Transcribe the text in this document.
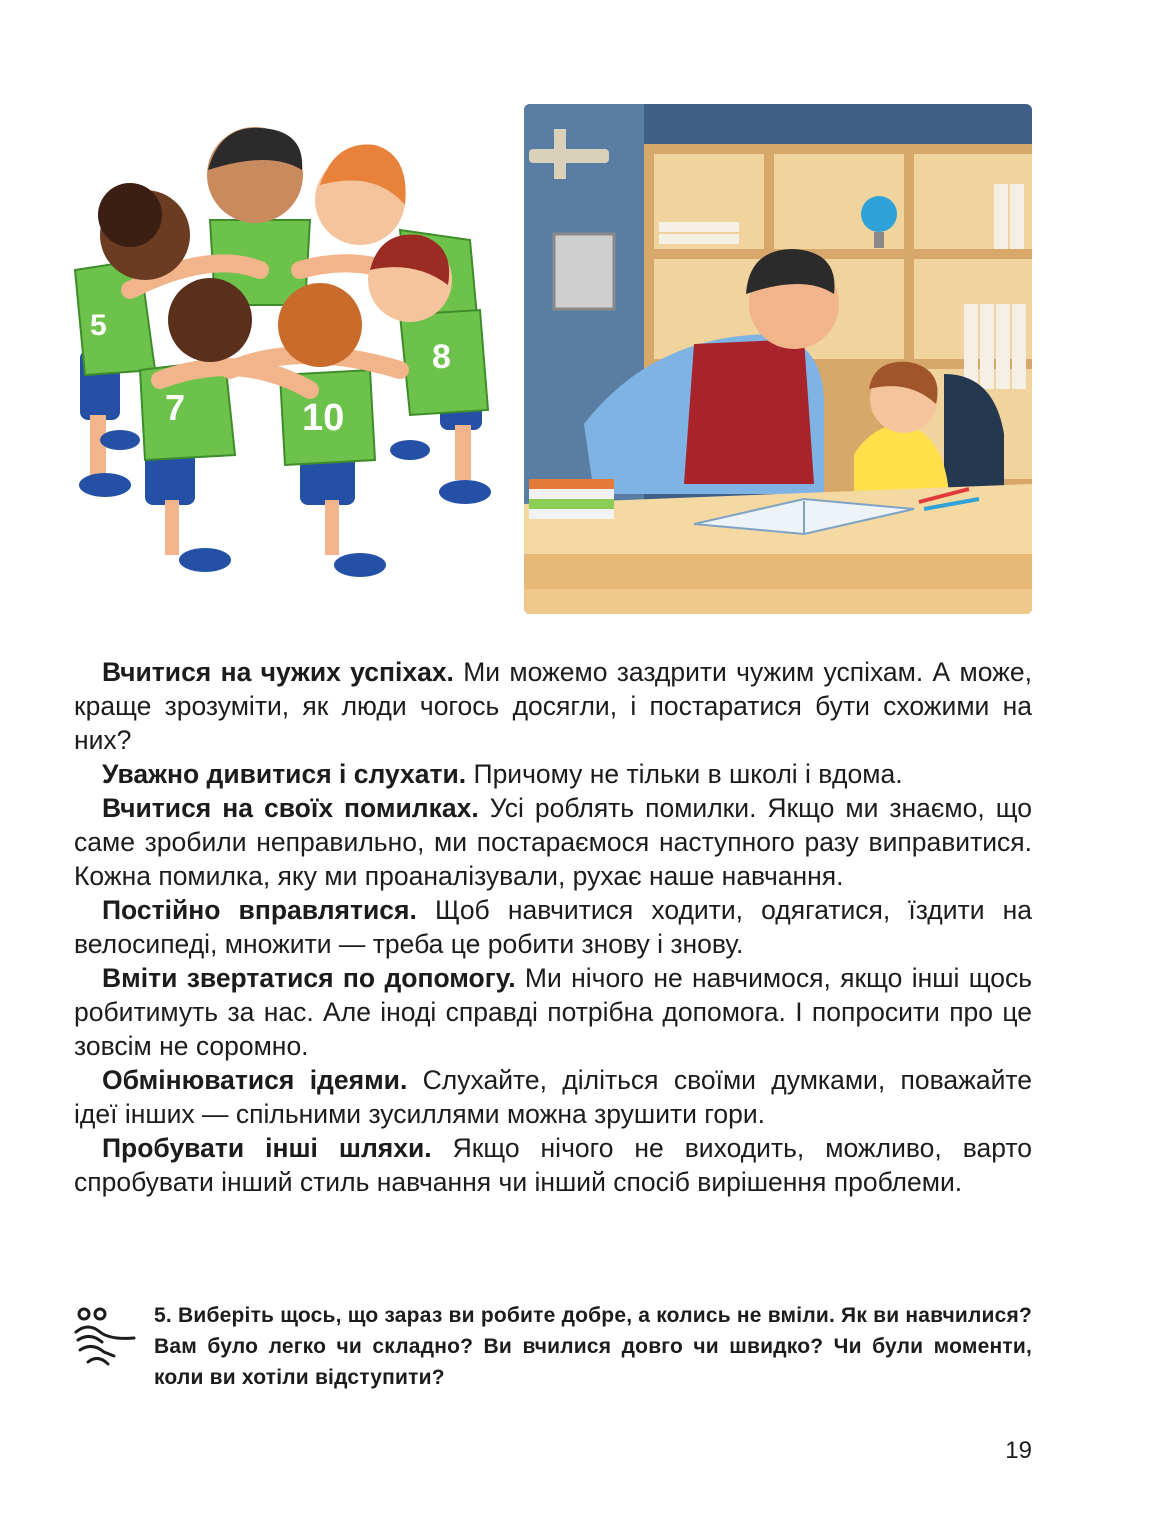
5
7	10
8

Вчитися на чужих успіхах. Ми можемо заздрити чужим успіхам. А може, краще зрозуміти, як люди чогось досягли, і постаратися бути схожими на них?

Уважно дивитися і слухати. Причому не тільки в школі і вдома.

Вчитися на своїх помилках. Усі роблять помилки. Якщо ми знаємо, що саме зробили неправильно, ми постараємося наступного разу виправитися. Кожна помилка, яку ми проаналізували, рухає наше навчання.

Постійно вправлятися. Щоб навчитися ходити, одягатися, їздити на велосипеді, множити — треба це робити знову і знову.

Вміти звертатися по допомогу. Ми нічого не навчимося, якщо інші щось робитимуть за нас. Але іноді справді потрібна допомога. І попросити про це зовсім не соромно.

Обмінюватися ідеями. Слухайте, діліться своїми думками, поважайте ідеї інших — спільними зусиллями можна зрушити гори.

Пробувати інші шляхи. Якщо нічого не виходить, можливо, варто спробувати інший стиль навчання чи інший спосіб вирішення проблеми.

5. Виберіть щось, що зараз ви робите добре, а колись не вміли. Як ви навчилися? Вам було легко чи складно? Ви вчилися довго чи швидко? Чи були моменти, коли ви хотіли відступити?
19
